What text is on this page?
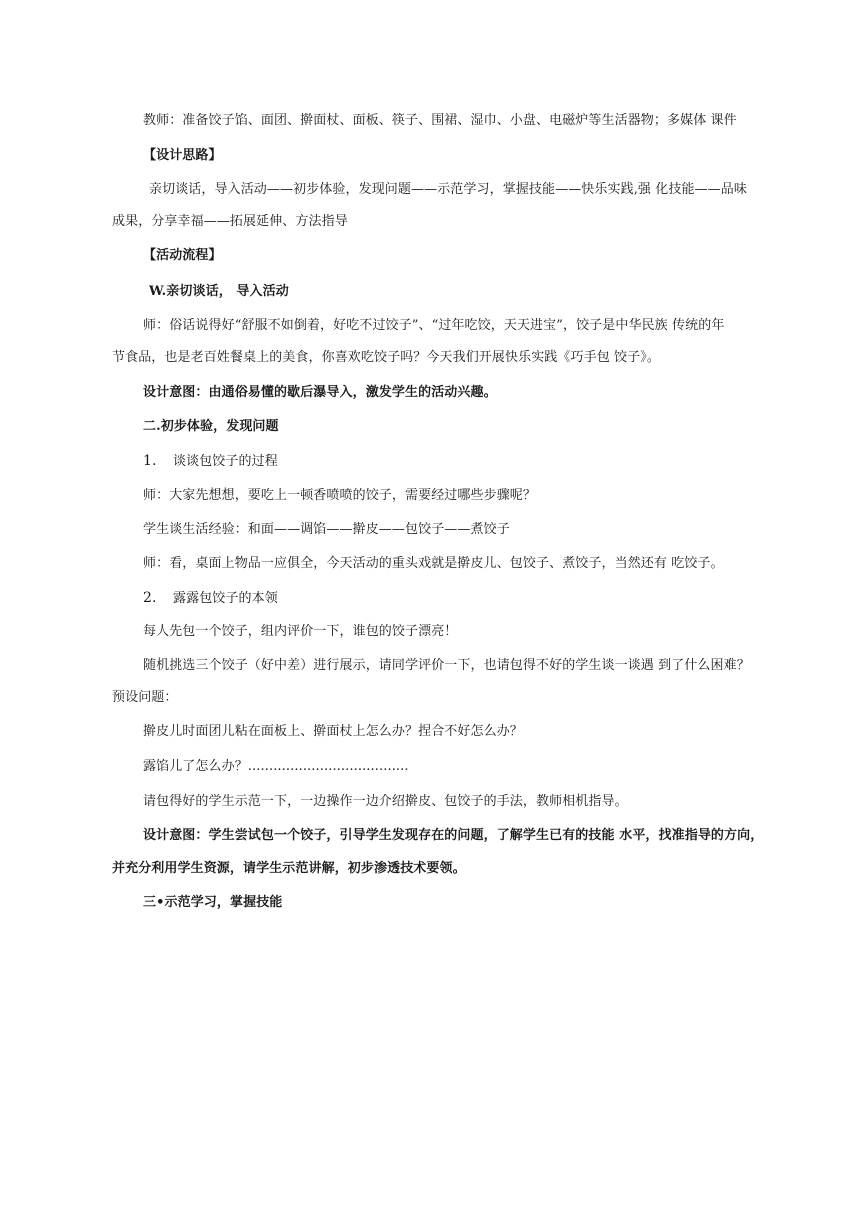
教师：准备饺子馅、面团、擀面杖、面板、筷子、围裙、湿巾、小盘、电磁炉等生活器物；多媒体 课件
【设计思路】
亲切谈话，导入活动——初步体验，发现问题——示范学习，掌握技能——快乐实践,强 化技能——品味
成果，分享幸福——拓展延伸、方法指导
【活动流程】
W.亲切谈话， 导入活动
师：俗话说得好“舒服不如倒着，好吃不过饺子”、“过年吃饺，天天进宝”，饺子是中华民族 传统的年
节食品，也是老百姓餐桌上的美食，你喜欢吃饺子吗？今天我们开展快乐实践《巧手包 饺子》。
设计意图：由通俗易懂的歇后瀑导入，激发学生的活动兴趣。
二.初步体验，发现问题
1. 谈谈包饺子的过程
师：大家先想想，要吃上一顿香喷喷的饺子，需要经过哪些步骤呢？
学生谈生活经验：和面——调馅——擀皮——包饺子——煮饺子
师：看，桌面上物品一应俱全，今天活动的重头戏就是擀皮儿、包饺子、煮饺子，当然还有 吃饺子。
2. 露露包饺子的本领
每人先包一个饺子，组内评价一下，谁包的饺子漂亮！
随机挑选三个饺子（好中差）进行展示，请同学评价一下，也请包得不好的学生谈一谈遇 到了什么困难？
预设问题：
擀皮儿时面团儿粘在面板上、擀面杖上怎么办？捏合不好怎么办？
露馅儿了怎么办？......................................
请包得好的学生示范一下，一边操作一边介绍擀皮、包饺子的手法，教师相机指导。
设计意图：学生尝试包一个饺子，引导学生发现存在的问题，了解学生已有的技能 水平，找准指导的方向，
并充分利用学生资源，请学生示范讲解，初步渗透技术要领。
三•示范学习，掌握技能
